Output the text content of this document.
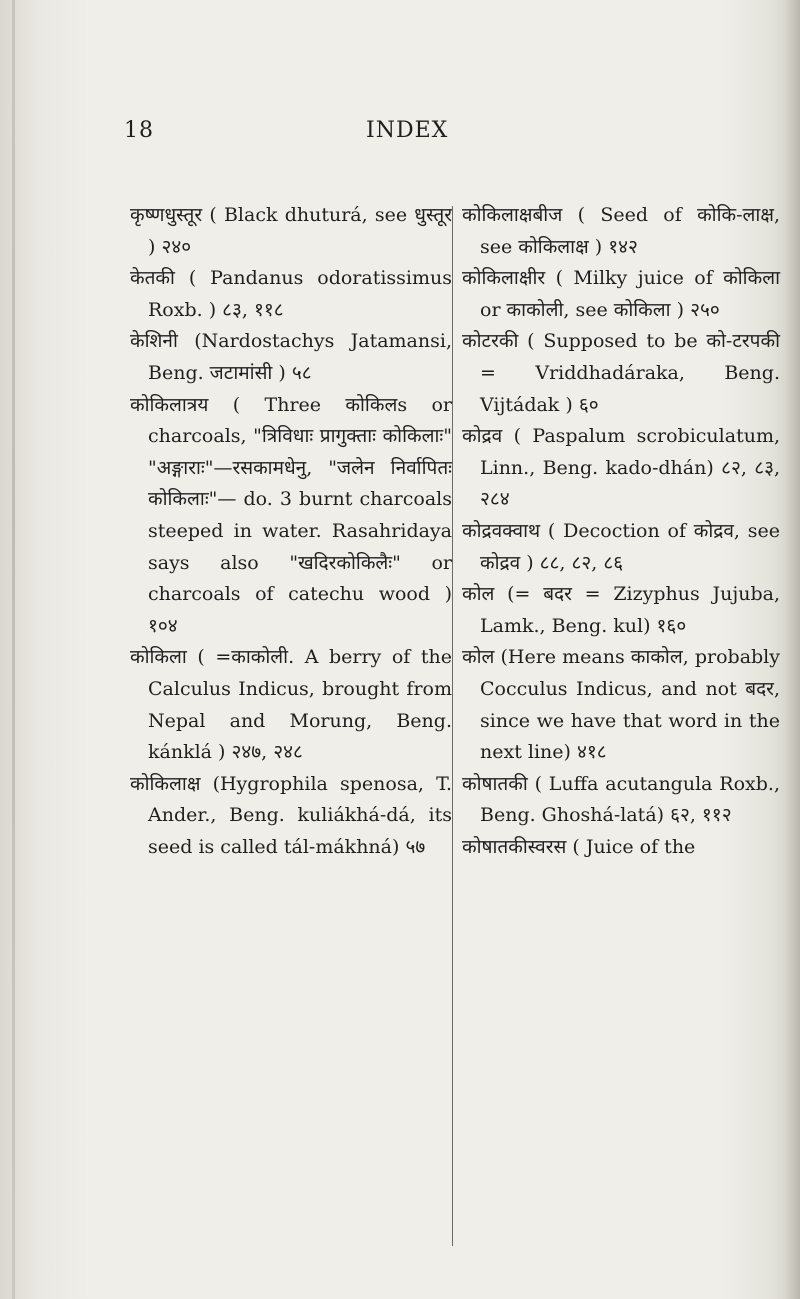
18	INDEX

कृष्णधुस्तूर ( Black dhuturá, see धुस्तूर ) २४०

केतकी ( Pandanus odoratissimus Roxb. ) ८३, ११८

केशिनी (Nardostachys Jatamansi, Beng. जटामांसी ) ५८

कोकिलात्रय ( Three कोकिलs or charcoals, "त्रिविधाः प्रागुक्ताः कोकिलाः" "अङ्गाराः"—रसकामधेनु, "जलेन निर्वापितः कोकिलाः"— do. 3 burnt charcoals steeped in water. Rasahridaya says also "खदिरकोकिलैः" or charcoals of catechu wood ) १०४

कोकिला ( =काकोली. A berry of the Calculus Indicus, brought from Nepal and Morung, Beng. kánklá ) २४७, २४८

कोकिलाक्ष (Hygrophila spenosa, T. Ander., Beng. kuliákhá-dá, its seed is called tál-mákhná) ५७

कोकिलाक्षबीज ( Seed of कोकि-लाक्ष, see कोकिलाक्ष ) १४२

कोकिलाक्षीर ( Milky juice of कोकिला or काकोली, see कोकिला ) २५०

कोटरकी ( Supposed to be को-टरपकी = Vriddhadáraka, Beng. Vijtádak ) ६०

कोद्रव ( Paspalum scrobiculatum, Linn., Beng. kado-dhán) ८२, ८३, २८४

कोद्रवक्वाथ ( Decoction of कोद्रव, see कोद्रव ) ८८, ८२, ८६

कोल (= बदर = Zizyphus Jujuba, Lamk., Beng. kul) १६०

कोल (Here means काकोल, probably Cocculus Indicus, and not बदर, since we have that word in the next line) ४१८

कोषातकी ( Luffa acutangula Roxb., Beng. Ghoshá-latá) ६२, ११२

कोषातकीस्वरस ( Juice of the
